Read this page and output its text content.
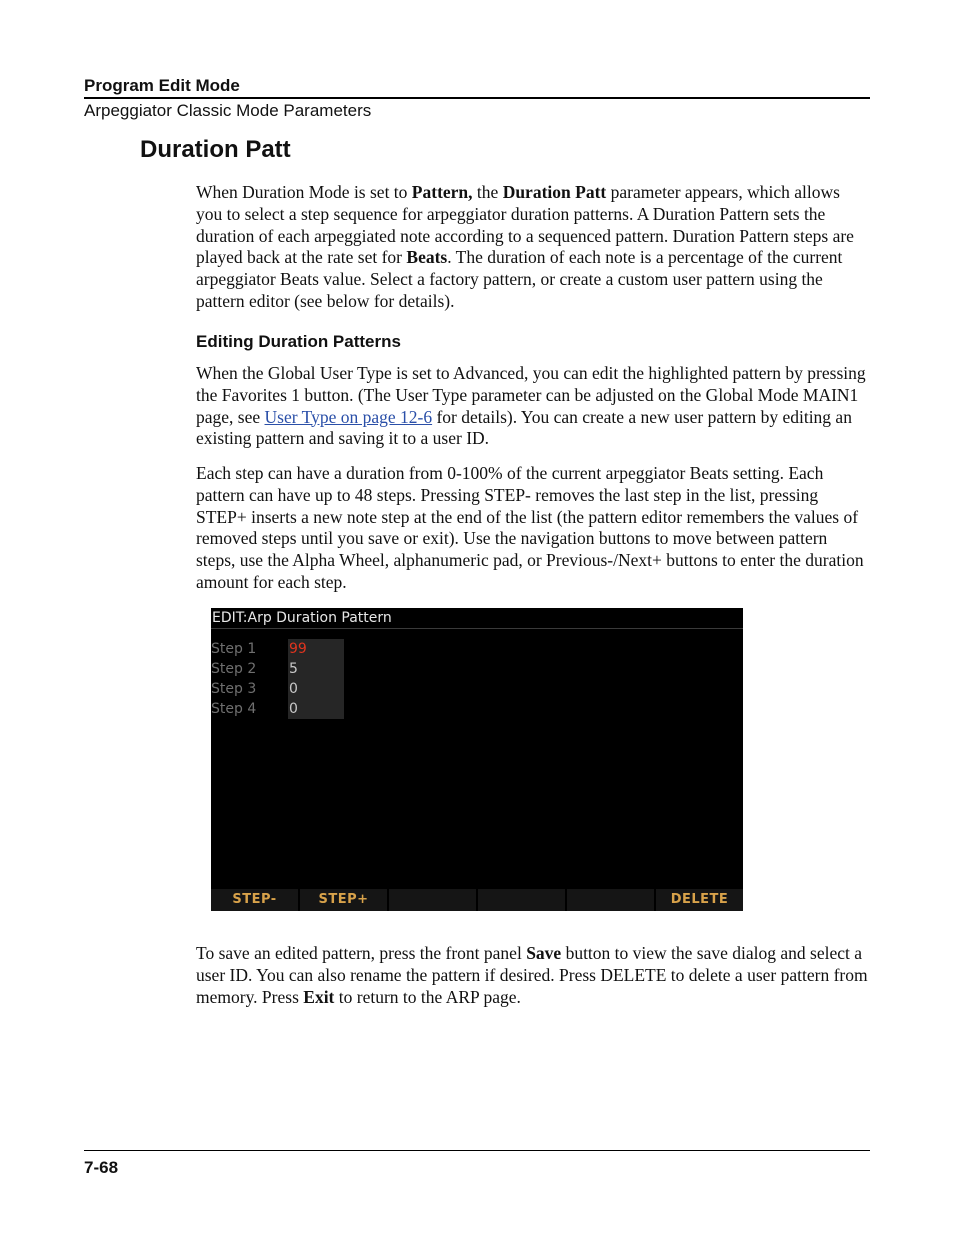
Program Edit Mode
Arpeggiator Classic Mode Parameters
Duration Patt

When Duration Mode is set to Pattern, the Duration Patt parameter appears, which allows you to select a step sequence for arpeggiator duration patterns. A Duration Pattern sets the duration of each arpeggiated note according to a sequenced pattern. Duration Pattern steps are played back at the rate set for Beats. The duration of each note is a percentage of the current arpeggiator Beats value. Select a factory pattern, or create a custom user pattern using the pattern editor (see below for details).

Editing Duration Patterns

When the Global User Type is set to Advanced, you can edit the highlighted pattern by pressing the Favorites 1 button. (The User Type parameter can be adjusted on the Global Mode MAIN1 page, see User Type on page 12-6 for details). You can create a new user pattern by editing an existing pattern and saving it to a user ID.

Each step can have a duration from 0-100% of the current arpeggiator Beats setting. Each pattern can have up to 48 steps. Pressing STEP- removes the last step in the list, pressing STEP+ inserts a new note step at the end of the list (the pattern editor remembers the values of removed steps until you save or exit). Use the navigation buttons to move between pattern steps, use the Alpha Wheel, alphanumeric pad, or Previous-/Next+ buttons to enter the duration amount for each step.

EDIT:Arp Duration Pattern
Step 1	99
Step 2	5
Step 3	0
Step 4	0
STEP-	STEP+	DELETE

To save an edited pattern, press the front panel Save button to view the save dialog and select a user ID. You can also rename the pattern if desired. Press DELETE to delete a user pattern from memory. Press Exit to return to the ARP page.

7-68
